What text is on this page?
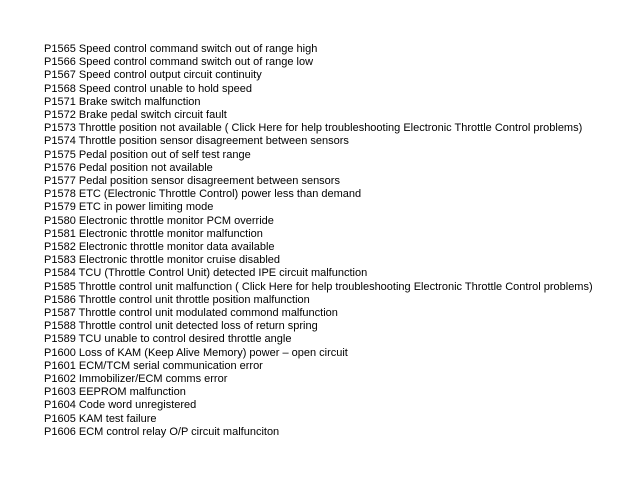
P1565 Speed control command switch out of range high
P1566 Speed control command switch out of range low
P1567 Speed control output circuit continuity
P1568 Speed control unable to hold speed
P1571 Brake switch malfunction
P1572 Brake pedal switch circuit fault
P1573 Throttle position not available ( Click Here for help troubleshooting Electronic Throttle Control problems)
P1574 Throttle position sensor disagreement between sensors
P1575 Pedal position out of self test range
P1576 Pedal position not available
P1577 Pedal position sensor disagreement between sensors
P1578 ETC (Electronic Throttle Control) power less than demand
P1579 ETC in power limiting mode
P1580 Electronic throttle monitor PCM override
P1581 Electronic throttle monitor malfunction
P1582 Electronic throttle monitor data available
P1583 Electronic throttle monitor cruise disabled
P1584 TCU (Throttle Control Unit) detected IPE circuit malfunction
P1585 Throttle control unit malfunction ( Click Here for help troubleshooting Electronic Throttle Control problems)
P1586 Throttle control unit throttle position malfunction
P1587 Throttle control unit modulated commond malfunction
P1588 Throttle control unit detected loss of return spring
P1589 TCU unable to control desired throttle angle
P1600 Loss of KAM (Keep Alive Memory) power – open circuit
P1601 ECM/TCM serial communication error
P1602 Immobilizer/ECM comms error
P1603 EEPROM malfunction
P1604 Code word unregistered
P1605 KAM test failure
P1606 ECM control relay O/P circuit malfunciton
